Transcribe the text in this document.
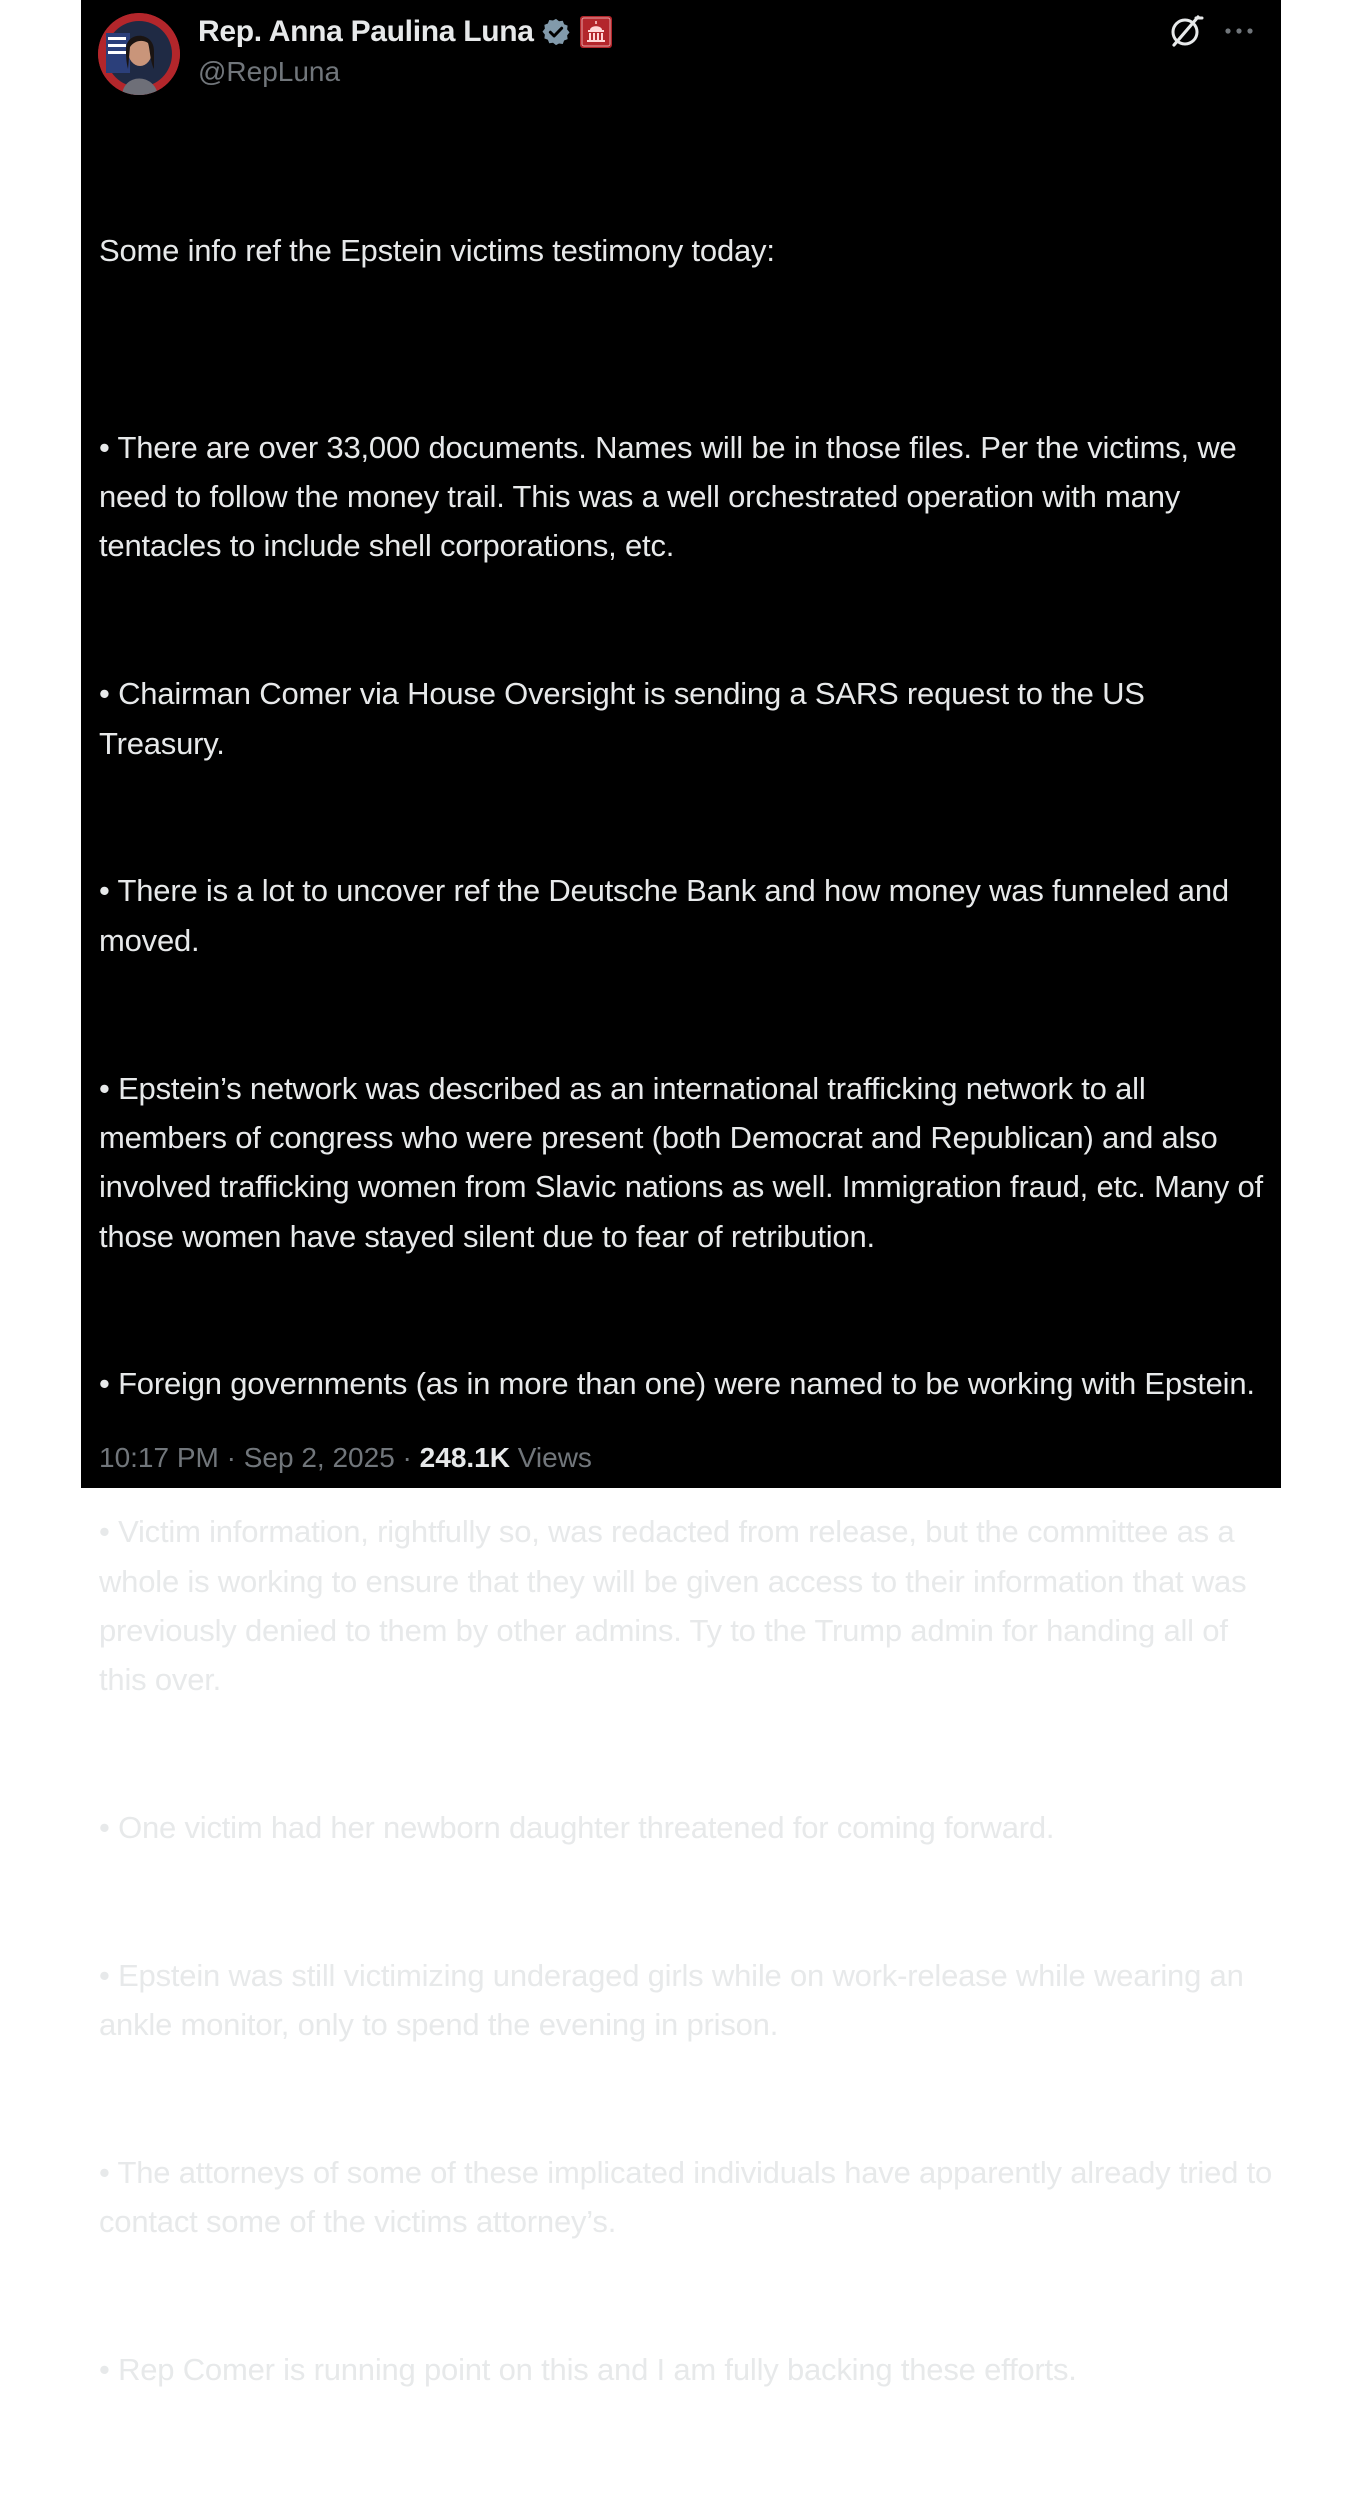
Rep. Anna Paulina Luna
@RepLuna

Some info ref the Epstein victims testimony today:

• There are over 33,000 documents. Names will be in those files. Per the victims, we need to follow the money trail. This was a well orchestrated operation with many tentacles to include shell corporations, etc.

• Chairman Comer via House Oversight is sending a SARS request to the US Treasury.

• There is a lot to uncover ref the Deutsche Bank and how money was funneled and moved.

• Epstein’s network was described as an international trafficking network to all members of congress who were present (both Democrat and Republican) and also involved trafficking women from Slavic nations as well. Immigration fraud, etc. Many of those women have stayed silent due to fear of retribution.

• Foreign governments (as in more than one) were named to be working with Epstein.

• Victim information, rightfully so, was redacted from release, but the committee as a whole is working to ensure that they will be given access to their information that was previously denied to them by other admins. Ty to the Trump admin for handing all of this over.

• One victim had her newborn daughter threatened for coming forward.

• Epstein was still victimizing underaged girls while on work-release while wearing an ankle monitor, only to spend the evening in prison.

• The attorneys of some of these implicated individuals have apparently already tried to contact some of the victims attorney’s.

• Rep Comer is running point on this and I am fully backing these efforts.

10:17 PM · Sep 2, 2025 · 248.1K Views
